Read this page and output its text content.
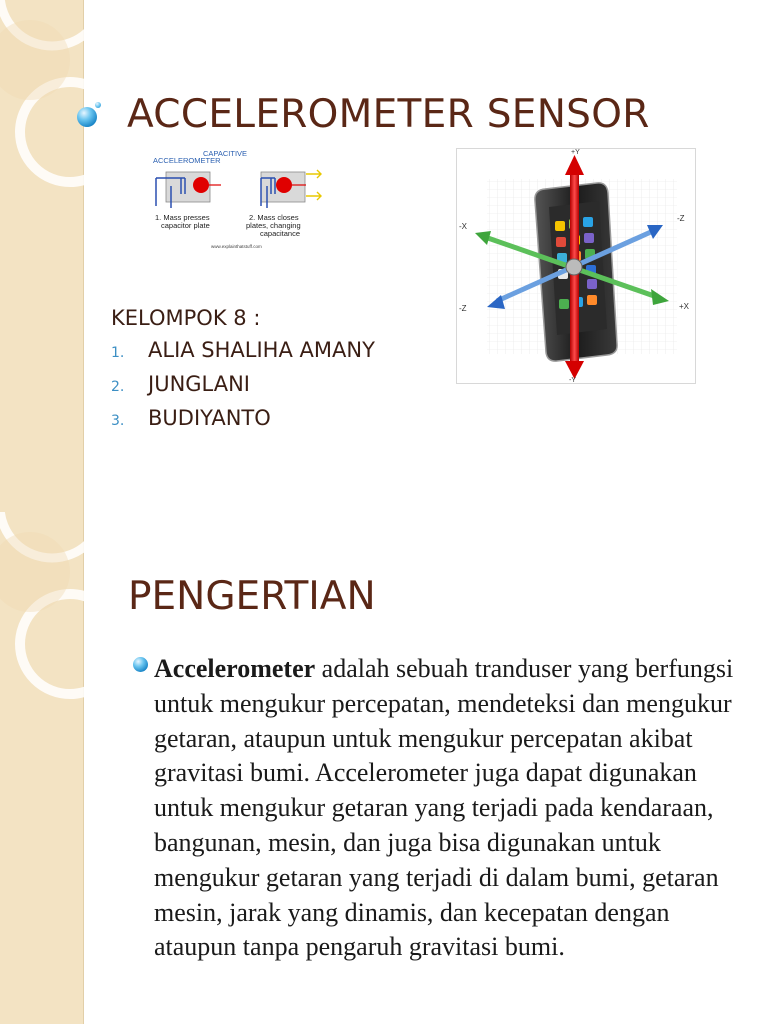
ACCELEROMETER SENSOR
CAPACITIVE
ACCELEROMETER
1. Mass presses
capacitor plate
2. Mass closes
plates, changing
capacitance
www.explainthatstuff.com
+Y
-Y
-X
+X
-Z
-Z
KELOMPOK 8 :
1.	ALIA SHALIHA AMANY
2.	JUNGLANI
3.	BUDIYANTO
PENGERTIAN

Accelerometer adalah sebuah tranduser yang berfungsi untuk mengukur percepatan, mendeteksi dan mengukur getaran, ataupun untuk mengukur percepatan akibat gravitasi bumi. Accelerometer juga dapat digunakan untuk mengukur getaran yang terjadi pada kendaraan, bangunan, mesin, dan juga bisa digunakan untuk mengukur getaran yang terjadi di dalam bumi, getaran mesin, jarak yang dinamis, dan kecepatan dengan ataupun tanpa pengaruh gravitasi bumi.
